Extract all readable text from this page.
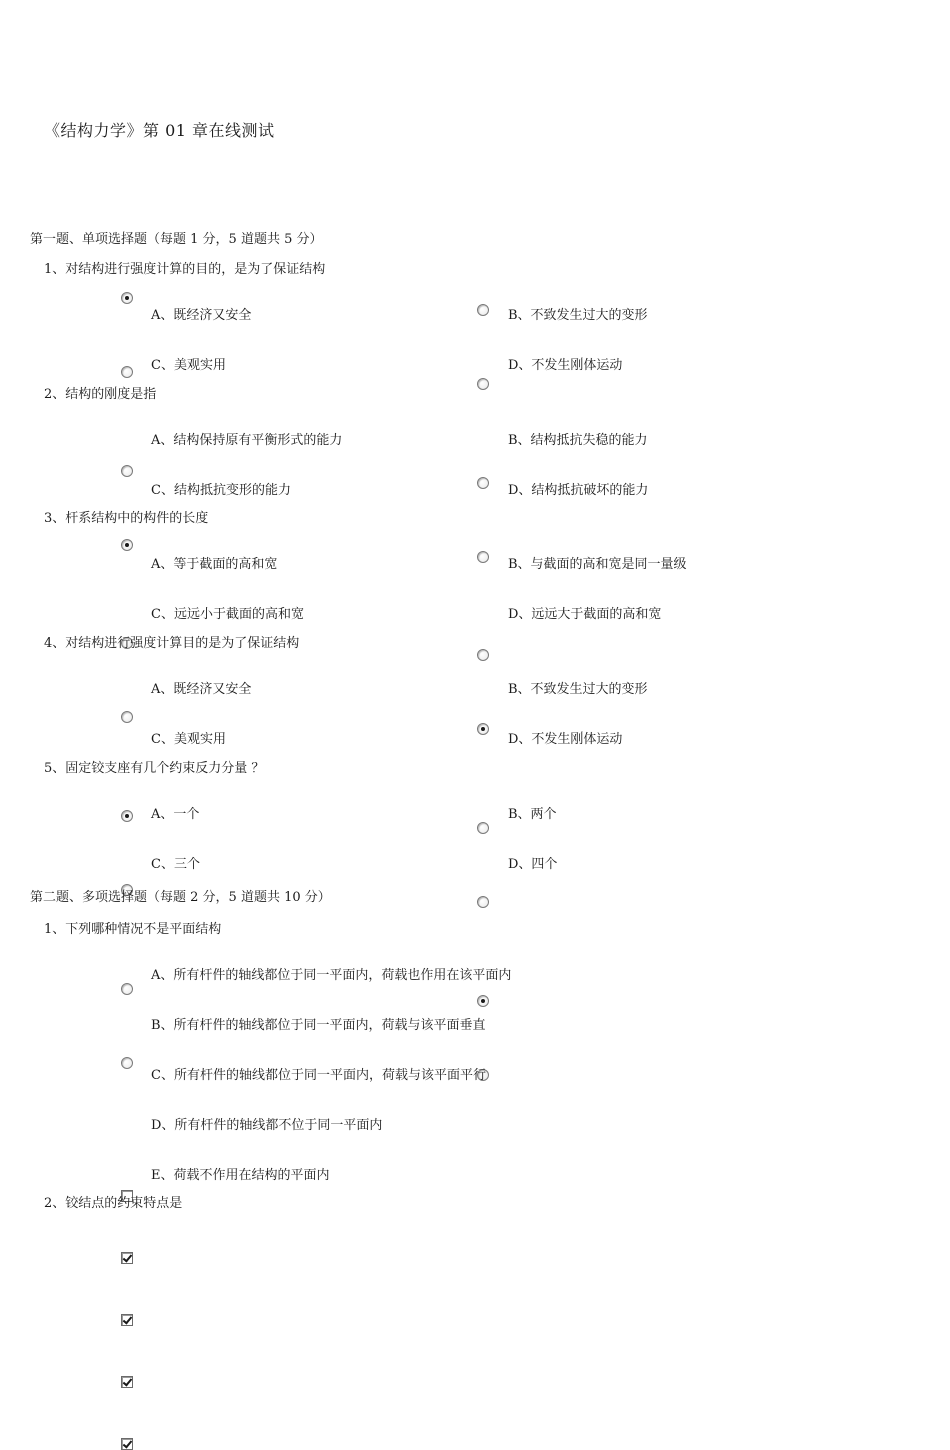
《结构力学》第 01 章在线测试
第一题、单项选择题（每题 1 分，5 道题共 5 分）
1、对结构进行强度计算的目的，是为了保证结构
A、既经济又安全	B、不致发生过大的变形
C、美观实用	D、不发生刚体运动
2、结构的刚度是指
A、结构保持原有平衡形式的能力	B、结构抵抗失稳的能力
C、结构抵抗变形的能力	D、结构抵抗破坏的能力
3、杆系结构中的构件的长度
A、等于截面的高和宽	B、与截面的高和宽是同一量级
C、远远小于截面的高和宽	D、远远大于截面的高和宽
4、对结构进行强度计算目的是为了保证结构
A、既经济又安全	B、不致发生过大的变形
C、美观实用	D、不发生刚体运动
5、固定铰支座有几个约束反力分量 ？
A、一个	B、两个
C、三个	D、四个
第二题、多项选择题（每题 2 分，5 道题共 10 分）
1、下列哪种情况不是平面结构
A、所有杆件的轴线都位于同一平面内，荷载也作用在该平面内
B、所有杆件的轴线都位于同一平面内，荷载与该平面垂直
C、所有杆件的轴线都位于同一平面内，荷载与该平面平行
D、所有杆件的轴线都不位于同一平面内
E、荷载不作用在结构的平面内
2、铰结点的约束特点是
